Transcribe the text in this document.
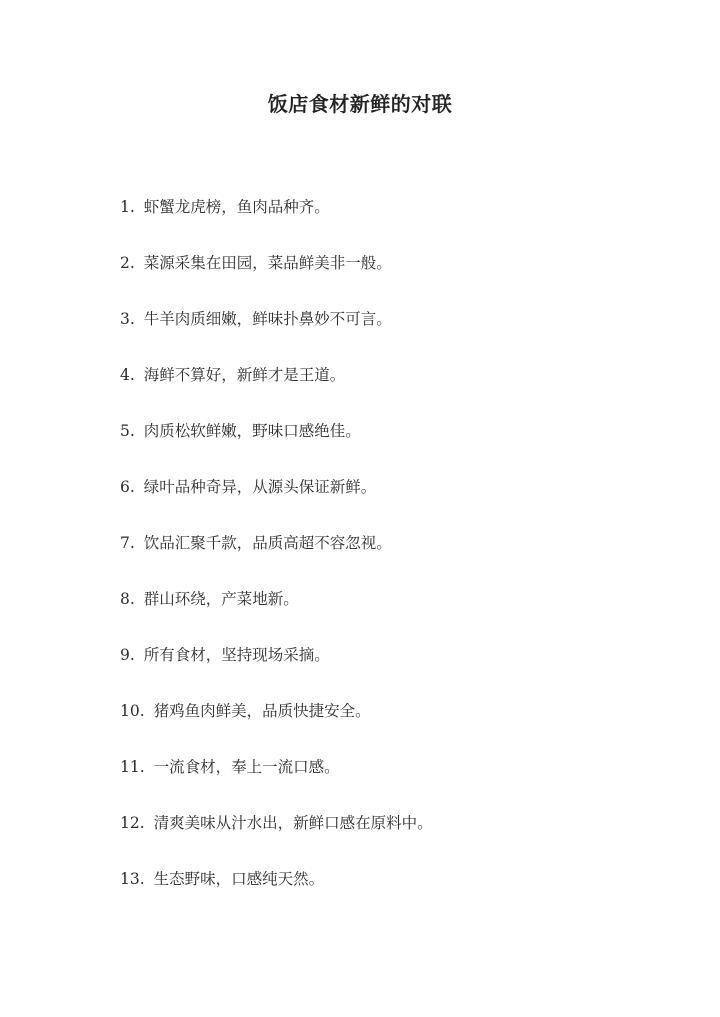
饭店食材新鲜的对联
1. 虾蟹龙虎榜，鱼肉品种齐。
2. 菜源采集在田园，菜品鲜美非一般。
3. 牛羊肉质细嫩，鲜味扑鼻妙不可言。
4. 海鲜不算好，新鲜才是王道。
5. 肉质松软鲜嫩，野味口感绝佳。
6. 绿叶品种奇异，从源头保证新鲜。
7. 饮品汇聚千款，品质高超不容忽视。
8. 群山环绕，产菜地新。
9. 所有食材，坚持现场采摘。
10. 猪鸡鱼肉鲜美，品质快捷安全。
11. 一流食材，奉上一流口感。
12. 清爽美味从汁水出，新鲜口感在原料中。
13. 生态野味，口感纯天然。
